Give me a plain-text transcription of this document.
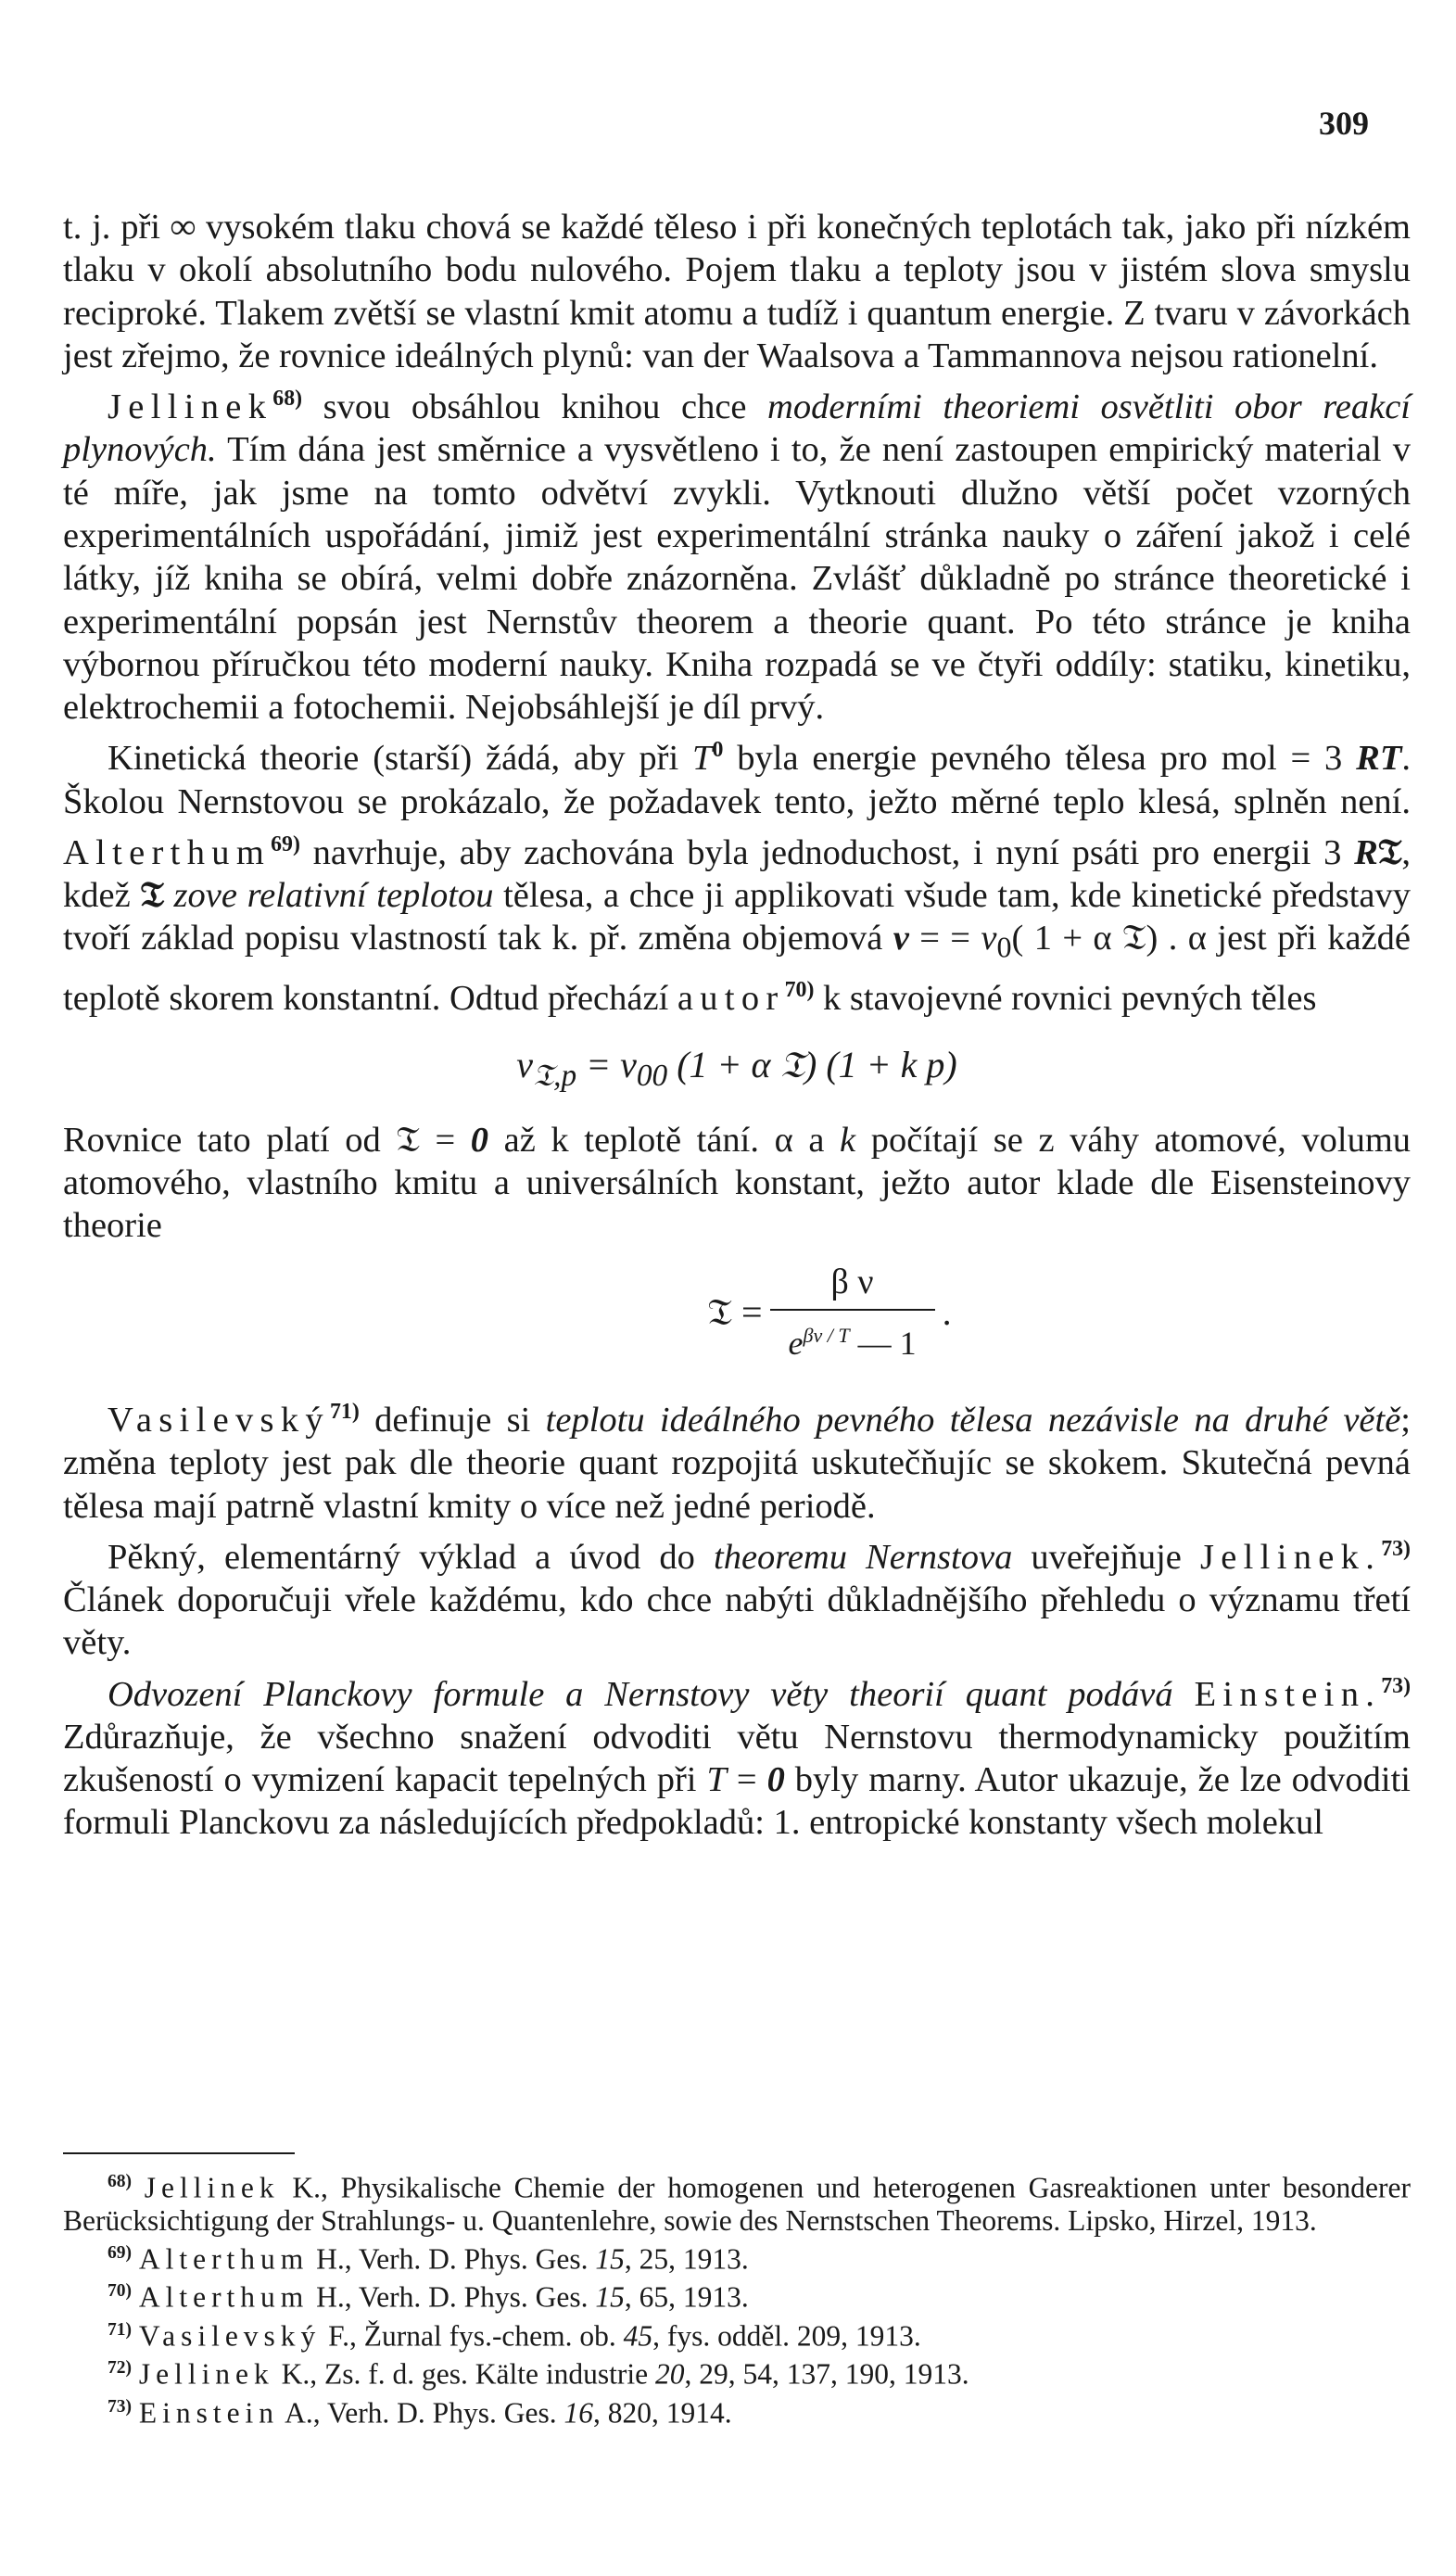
309

t. j. při ∞ vysokém tlaku chová se každé těleso i při konečných teplotách tak, jako při nízkém tlaku v okolí absolutního bodu nulového. Pojem tlaku a teploty jsou v jistém slova smyslu reciproké. Tlakem zvětší se vlastní kmit atomu a tudíž i quantum energie. Z tvaru v závorkách jest zřejmo, že rovnice ideálných plynů: van der Waalsova a Tammannova nejsou rationelní.

Jellinek$^{68)}$ svou obsáhlou knihou chce moderními theoriemi osvětliti obor reakcí plynových. Tím dána jest směrnice a vysvětleno i to, že není zastoupen empirický material v té míře, jak jsme na tomto odvětví zvykli. Vytknouti dlužno větší počet vzorných experimentálních uspořádání, jimiž jest experimentální stránka nauky o záření jakož i celé látky, jíž kniha se obírá, velmi dobře znázorněna. Zvlášť důkladně po stránce theoretické i experimentální popsán jest Nernstův theorem a theorie quant. Po této stránce je kniha výbornou příručkou této moderní nauky. Kniha rozpadá se ve čtyři oddíly: statiku, kinetiku, elektrochemii a fotochemii. Nejobsáhlejší je díl prvý.

Kinetická theorie (starší) žádá, aby při $T^0$ byla energie pevného tělesa pro mol = 3 RT. Školou Nernstovou se prokázalo, že požadavek tento, ježto měrné teplo klesá, splněn není. Alterthum$^{69)}$ navrhuje, aby zachována byla jednoduchost, i nyní psáti pro energii 3 R𝔗, kdež 𝔗 zove relativní teplotou tělesa, a chce ji applikovati všude tam, kde kinetické představy tvoří základ popisu vlastností tak k. př. změna objemová v = = $v_0$( 1 + α 𝔗) . α jest při každé teplotě skorem konstantní. Odtud přechází autor$^{70)}$ k stavojevné rovnici pevných těles

$v_{𝔗,p} = v_{00}$ (1 + α 𝔗) (1 + k p)

Rovnice tato platí od 𝔗 = 0 až k teplotě tání. α a k počítají se z váhy atomové, volumu atomového, vlastního kmitu a universálních konstant, ježto autor klade dle Eisensteinovy theorie

𝔗 = $\frac{\text{β ν}}{e^{\beta\nu / T} — 1}$ .

Vasilevský$^{71)}$ definuje si teplotu ideálného pevného tělesa nezávisle na druhé větě; změna teploty jest pak dle theorie quant rozpojitá uskutečňujíc se skokem. Skutečná pevná tělesa mají patrně vlastní kmity o více než jedné periodě.

Pěkný, elementárný výklad a úvod do theoremu Nernstova uveřejňuje Jellinek.$^{73)}$ Článek doporučuji vřele každému, kdo chce nabýti důkladnějšího přehledu o významu třetí věty.

Odvození Planckovy formule a Nernstovy věty theorií quant podává Einstein.$^{73)}$ Zdůrazňuje, že všechno snažení odvoditi větu Nernstovu thermodynamicky použitím zkušeností o vymizení kapacit tepelných při T = 0 byly marny. Autor ukazuje, že lze odvoditi formuli Planckovu za následujících předpokladů: 1. entropické konstanty všech molekul

$^{68)}$ Jellinek K., Physikalische Chemie der homogenen und heterogenen Gasreaktionen unter besonderer Berücksichtigung der Strahlungs- u. Quantenlehre, sowie des Nernstschen Theorems. Lipsko, Hirzel, 1913.

$^{69)}$ Alterthum H., Verh. D. Phys. Ges. 15, 25, 1913.

$^{70)}$ Alterthum H., Verh. D. Phys. Ges. 15, 65, 1913.

$^{71)}$ Vasilevský F., Žurnal fys.-chem. ob. 45, fys. odděl. 209, 1913.

$^{72)}$ Jellinek K., Zs. f. d. ges. Kälte industrie 20, 29, 54, 137, 190, 1913.

$^{73)}$ Einstein A., Verh. D. Phys. Ges. 16, 820, 1914.
